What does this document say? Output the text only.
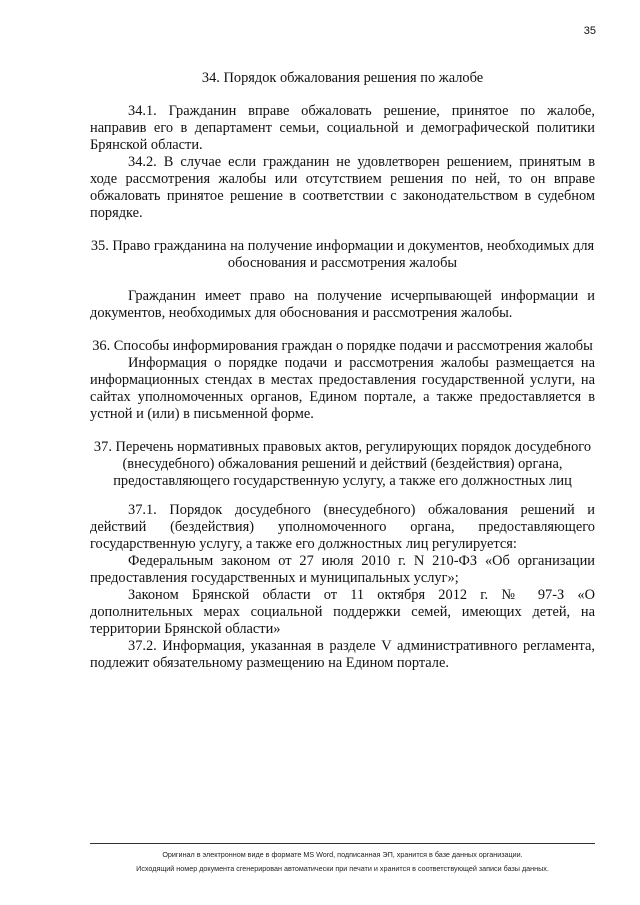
35

34. Порядок обжалования решения по жалобе

34.1. Гражданин вправе обжаловать решение, принятое по жалобе, направив его в департамент семьи, социальной и демографической политики Брянской области.

34.2. В случае если гражданин не удовлетворен решением, принятым в ходе рассмотрения жалобы или отсутствием решения по ней, то он вправе обжаловать принятое решение в соответствии с законодательством в судебном порядке.

35. Право гражданина на получение информации и документов, необходимых для обоснования и рассмотрения жалобы

Гражданин имеет право на получение исчерпывающей информации и документов, необходимых для обоснования и рассмотрения жалобы.

36. Способы информирования граждан о порядке подачи и рассмотрения жалобы

Информация о порядке подачи и рассмотрения жалобы размещается на информационных стендах в местах предоставления государственной услуги, на сайтах уполномоченных органов, Едином портале, а также предоставляется в устной и (или) в письменной форме.

37. Перечень нормативных правовых актов, регулирующих порядок досудебного (внесудебного) обжалования решений и действий (бездействия) органа, предоставляющего государственную услугу, а также его должностных лиц

37.1. Порядок досудебного (внесудебного) обжалования решений и действий (бездействия) уполномоченного органа, предоставляющего государственную услугу, а также его должностных лиц регулируется:

Федеральным законом от 27 июля 2010 г. N 210-ФЗ «Об организации предоставления государственных и муниципальных услуг»;

Законом Брянской области от 11 октября 2012 г. № 97-З «О дополнительных мерах социальной поддержки семей, имеющих детей, на территории Брянской области»

37.2. Информация, указанная в разделе V административного регламента, подлежит обязательному размещению на Едином портале.

Оригинал в электронном виде в формате MS Word, подписанная ЭП, хранится в базе данных организации.
Исходящий номер документа сгенерирован автоматически при печати и хранится в соответствующей записи базы данных.
